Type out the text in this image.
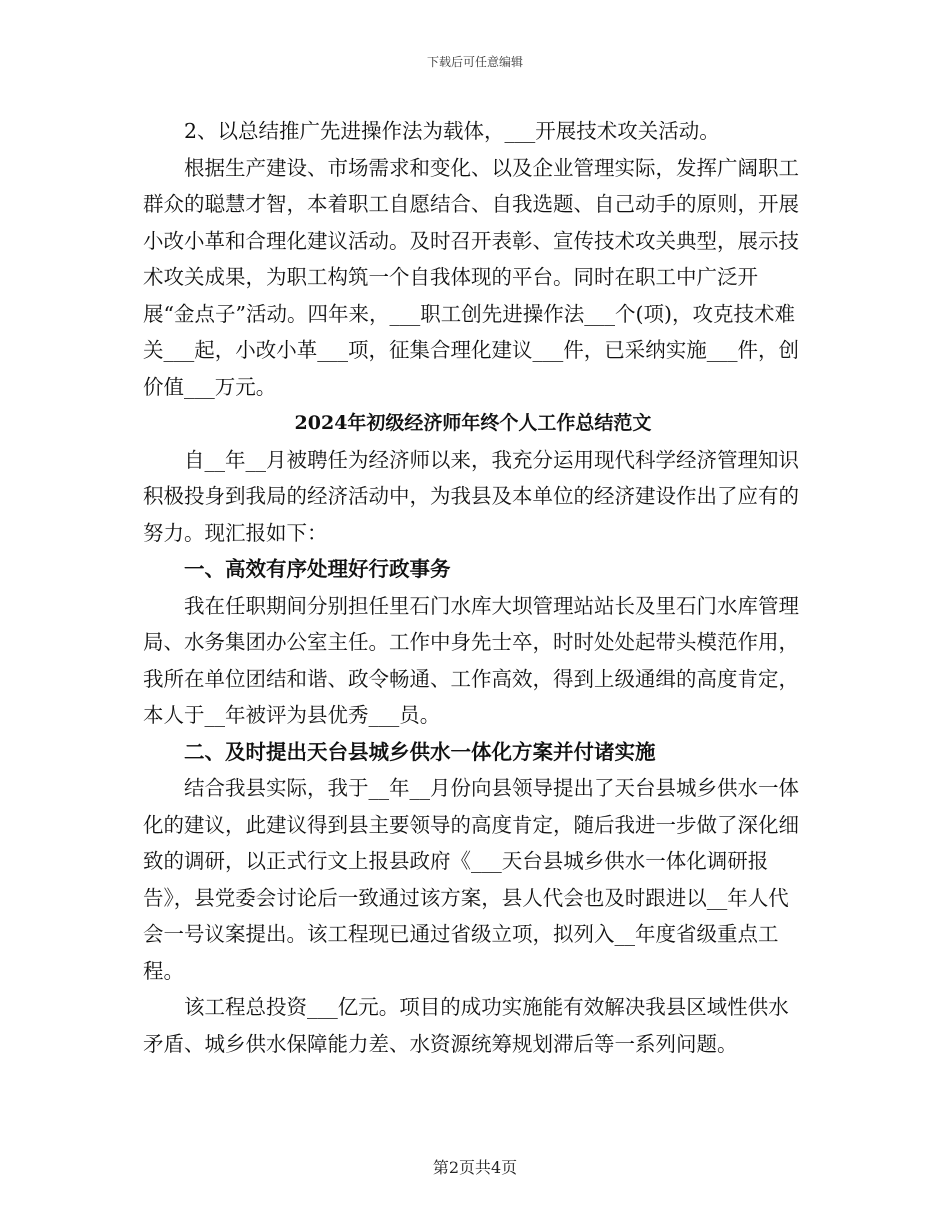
下载后可任意编辑

2、以总结推广先进操作法为载体，___开展技术攻关活动。

根据生产建设、市场需求和变化、以及企业管理实际，发挥广阔职工群众的聪慧才智，本着职工自愿结合、自我选题、自己动手的原则，开展小改小革和合理化建议活动。及时召开表彰、宣传技术攻关典型，展示技术攻关成果，为职工构筑一个自我体现的平台。同时在职工中广泛开展“金点子”活动。四年来，___职工创先进操作法___个(项)，攻克技术难关___起，小改小革___项，征集合理化建议___件，已采纳实施___件，创价值___万元。

2024年初级经济师年终个人工作总结范文

自__年__月被聘任为经济师以来，我充分运用现代科学经济管理知识积极投身到我局的经济活动中，为我县及本单位的经济建设作出了应有的努力。现汇报如下：

一、高效有序处理好行政事务

我在任职期间分别担任里石门水库大坝管理站站长及里石门水库管理局、水务集团办公室主任。工作中身先士卒，时时处处起带头模范作用，我所在单位团结和谐、政令畅通、工作高效，得到上级通缉的高度肯定，本人于__年被评为县优秀___员。

二、及时提出天台县城乡供水一体化方案并付诸实施

结合我县实际，我于__年__月份向县领导提出了天台县城乡供水一体化的建议，此建议得到县主要领导的高度肯定，随后我进一步做了深化细致的调研，以正式行文上报县政府《___天台县城乡供水一体化调研报告》，县党委会讨论后一致通过该方案，县人代会也及时跟进以__年人代会一号议案提出。该工程现已通过省级立项，拟列入__年度省级重点工程。

该工程总投资___亿元。项目的成功实施能有效解决我县区域性供水矛盾、城乡供水保障能力差、水资源统筹规划滞后等一系列问题。

第2页共4页
